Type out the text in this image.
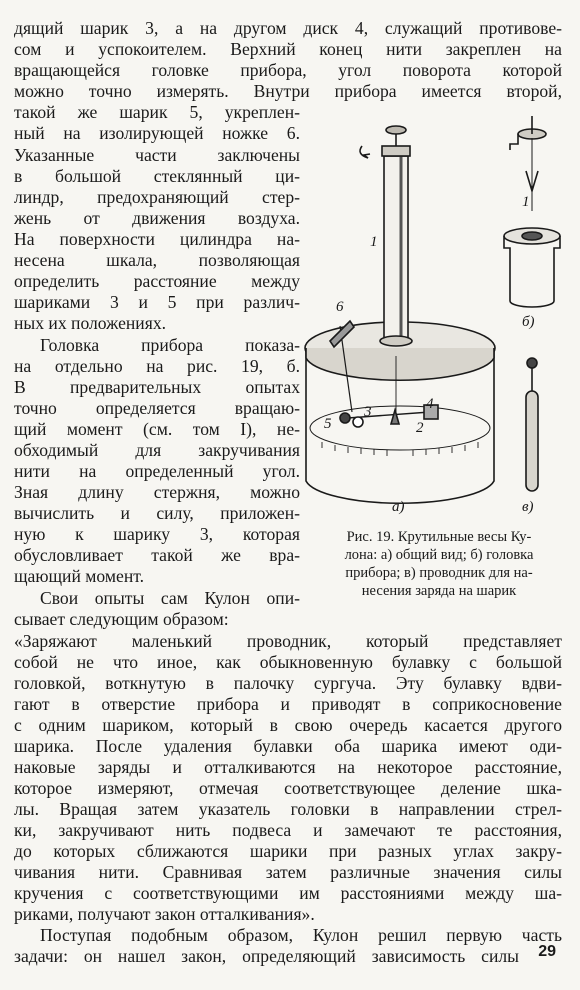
дящий шарик 3, а на другом диск 4, служащий противове-
сом и успокоителем. Верхний конец нити закреплен на
вращающейся головке прибора, угол поворота которой
можно точно измерять. Внутри прибора имеется второй,
такой же шарик 5, укреплен-
ный на изолирующей ножке 6.
Указанные части заключены
в большой стеклянный ци-
линдр, предохраняющий стер-
жень от движения воздуха.
На поверхности цилиндра на-
несена шкала, позволяющая
определить расстояние между
шариками 3 и 5 при различ-
ных их положениях.
Головка прибора показа-
на отдельно на рис. 19, б.
В предварительных опытах
точно определяется вращаю-
щий момент (см. том I), не-
обходимый для закручивания
нити на определенный угол.
Зная длину стержня, можно
вычислить и силу, приложен-
ную к шарику 3, которая
обусловливает такой же вра-
щающий момент.
Свои опыты сам Кулон опи-
сывает следующим образом:
«Заряжают маленький проводник, который представляет
собой не что иное, как обыкновенную булавку с большой
головкой, воткнутую в палочку сургуча. Эту булавку вдви-
гают в отверстие прибора и приводят в соприкосновение
с одним шариком, который в свою очередь касается другого
шарика. После удаления булавки оба шарика имеют оди-
наковые заряды и отталкиваются на некоторое расстояние,
которое измеряют, отмечая соответствующее деление шка-
лы. Вращая затем указатель головки в направлении стрел-
ки, закручивают нить подвеса и замечают те расстояния,
до которых сближаются шарики при разных углах закру-
чивания нити. Сравнивая затем различные значения силы
кручения с соответствующими им расстояниями между ша-
риками, получают закон отталкивания».
Поступая подобным образом, Кулон решил первую часть
задачи: он нашел закон, определяющий зависимость силы
1
1
6
5
3
2
4
а)
б)
в)
Рис. 19. Крутильные весы Ку-
лона: а) общий вид; б) головка
прибора; в) проводник для на-
несения заряда на шарик
29
